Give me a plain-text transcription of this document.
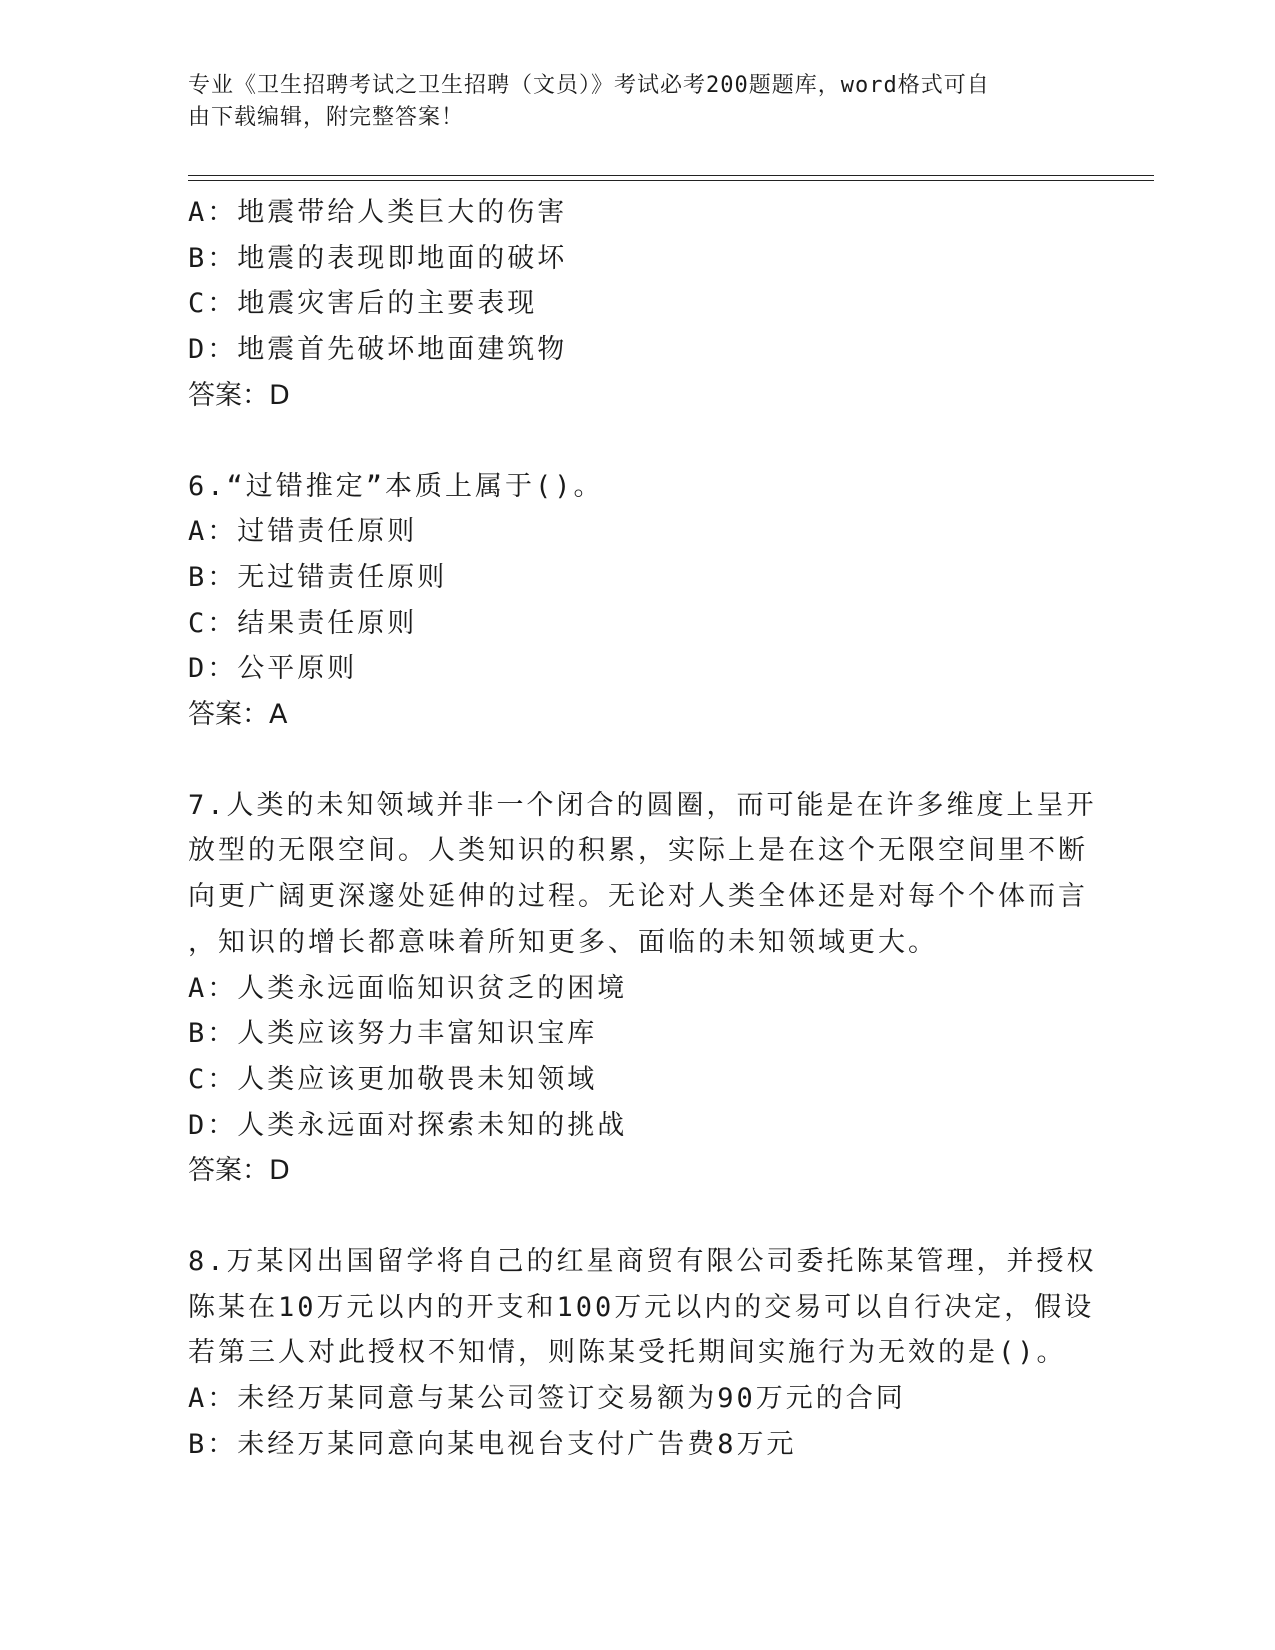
专业《卫生招聘考试之卫生招聘（文员）》考试必考200题题库，word格式可自
由下载编辑，附完整答案！
A：地震带给人类巨大的伤害
B：地震的表现即地面的破坏
C：地震灾害后的主要表现
D：地震首先破坏地面建筑物
答案：D
6.“过错推定”本质上属于()。
A：过错责任原则
B：无过错责任原则
C：结果责任原则
D：公平原则
答案：A
7.人类的未知领域并非一个闭合的圆圈，而可能是在许多维度上呈开
放型的无限空间。人类知识的积累，实际上是在这个无限空间里不断
向更广阔更深邃处延伸的过程。无论对人类全体还是对每个个体而言
，知识的增长都意味着所知更多、面临的未知领域更大。
A：人类永远面临知识贫乏的困境
B：人类应该努力丰富知识宝库
C：人类应该更加敬畏未知领域
D：人类永远面对探索未知的挑战
答案：D
8.万某冈出国留学将自己的红星商贸有限公司委托陈某管理，并授权
陈某在10万元以内的开支和100万元以内的交易可以自行决定，假设
若第三人对此授权不知情，则陈某受托期间实施行为无效的是()。
A：未经万某同意与某公司签订交易额为90万元的合同
B：未经万某同意向某电视台支付广告费8万元
